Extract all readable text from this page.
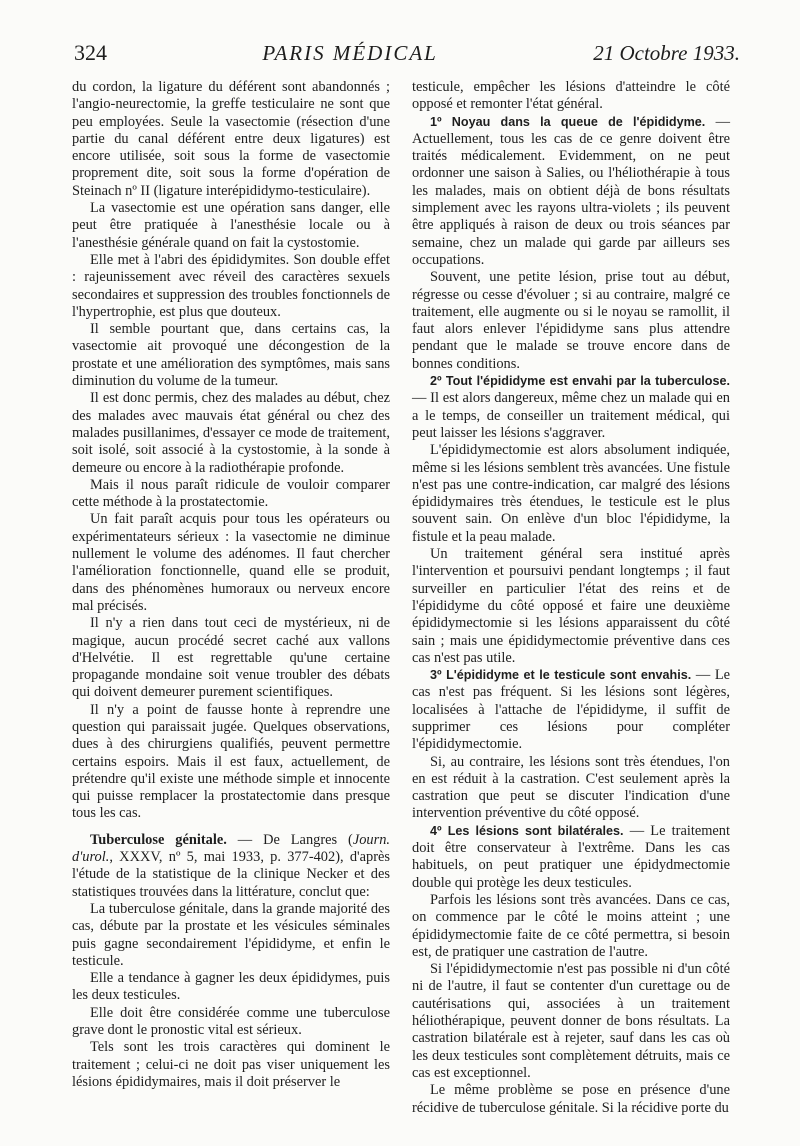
324	PARIS MÉDICAL	21 Octobre 1933.

du cordon, la ligature du déférent sont abandonnés ; l'angio-neurectomie, la greffe testiculaire ne sont que peu employées. Seule la vasectomie (résection d'une partie du canal déférent entre deux ligatures) est encore utilisée, soit sous la forme de vasectomie proprement dite, soit sous la forme d'opération de Steinach nº II (ligature interépididymo-testiculaire).

La vasectomie est une opération sans danger, elle peut être pratiquée à l'anesthésie locale ou à l'anesthésie générale quand on fait la cystostomie.

Elle met à l'abri des épididymites. Son double effet : rajeunissement avec réveil des caractères sexuels secondaires et suppression des troubles fonctionnels de l'hypertrophie, est plus que douteux.

Il semble pourtant que, dans certains cas, la vasectomie ait provoqué une décongestion de la prostate et une amélioration des symptômes, mais sans diminution du volume de la tumeur.

Il est donc permis, chez des malades au début, chez des malades avec mauvais état général ou chez des malades pusillanimes, d'essayer ce mode de traitement, soit isolé, soit associé à la cystostomie, à la sonde à demeure ou encore à la radiothérapie profonde.

Mais il nous paraît ridicule de vouloir comparer cette méthode à la prostatectomie.

Un fait paraît acquis pour tous les opérateurs ou expérimentateurs sérieux : la vasectomie ne diminue nullement le volume des adénomes. Il faut chercher l'amélioration fonctionnelle, quand elle se produit, dans des phénomènes humoraux ou nerveux encore mal précisés.

Il n'y a rien dans tout ceci de mystérieux, ni de magique, aucun procédé secret caché aux vallons d'Helvétie. Il est regrettable qu'une certaine propagande mondaine soit venue troubler des débats qui doivent demeurer purement scientifiques.

Il n'y a point de fausse honte à reprendre une question qui paraissait jugée. Quelques observations, dues à des chirurgiens qualifiés, peuvent permettre certains espoirs. Mais il est faux, actuellement, de prétendre qu'il existe une méthode simple et innocente qui puisse remplacer la prostatectomie dans presque tous les cas.

Tuberculose génitale. — De Langres (Journ. d'urol., XXXV, nº 5, mai 1933, p. 377-402), d'après l'étude de la statistique de la clinique Necker et des statistiques trouvées dans la littérature, conclut que:

La tuberculose génitale, dans la grande majorité des cas, débute par la prostate et les vésicules séminales puis gagne secondairement l'épididyme, et enfin le testicule.

Elle a tendance à gagner les deux épididymes, puis les deux testicules.

Elle doit être considérée comme une tuberculose grave dont le pronostic vital est sérieux.

Tels sont les trois caractères qui dominent le traitement ; celui-ci ne doit pas viser uniquement les lésions épididymaires, mais il doit préserver le

testicule, empêcher les lésions d'atteindre le côté opposé et remonter l'état général.

1º Noyau dans la queue de l'épididyme. — Actuellement, tous les cas de ce genre doivent être traités médicalement. Evidemment, on ne peut ordonner une saison à Salies, ou l'héliothérapie à tous les malades, mais on obtient déjà de bons résultats simplement avec les rayons ultra-violets ; ils peuvent être appliqués à raison de deux ou trois séances par semaine, chez un malade qui garde par ailleurs ses occupations.

Souvent, une petite lésion, prise tout au début, régresse ou cesse d'évoluer ; si au contraire, malgré ce traitement, elle augmente ou si le noyau se ramollit, il faut alors enlever l'épididyme sans plus attendre pendant que le malade se trouve encore dans de bonnes conditions.

2º Tout l'épididyme est envahi par la tuberculose. — Il est alors dangereux, même chez un malade qui en a le temps, de conseiller un traitement médical, qui peut laisser les lésions s'aggraver.

L'épididymectomie est alors absolument indiquée, même si les lésions semblent très avancées. Une fistule n'est pas une contre-indication, car malgré des lésions épididymaires très étendues, le testicule est le plus souvent sain. On enlève d'un bloc l'épididyme, la fistule et la peau malade.

Un traitement général sera institué après l'intervention et poursuivi pendant longtemps ; il faut surveiller en particulier l'état des reins et de l'épididyme du côté opposé et faire une deuxième épididymectomie si les lésions apparaissent du côté sain ; mais une épididymectomie préventive dans ces cas n'est pas utile.

3º L'épididyme et le testicule sont envahis. — Le cas n'est pas fréquent. Si les lésions sont légères, localisées à l'attache de l'épididyme, il suffit de supprimer ces lésions pour compléter l'épididymectomie.

Si, au contraire, les lésions sont très étendues, l'on en est réduit à la castration. C'est seulement après la castration que peut se discuter l'indication d'une intervention préventive du côté opposé.

4º Les lésions sont bilatérales. — Le traitement doit être conservateur à l'extrême. Dans les cas habituels, on peut pratiquer une épidydmectomie double qui protège les deux testicules.

Parfois les lésions sont très avancées. Dans ce cas, on commence par le côté le moins atteint ; une épididymectomie faite de ce côté permettra, si besoin est, de pratiquer une castration de l'autre.

Si l'épididymectomie n'est pas possible ni d'un côté ni de l'autre, il faut se contenter d'un curettage ou de cautérisations qui, associées à un traitement héliothérapique, peuvent donner de bons résultats. La castration bilatérale est à rejeter, sauf dans les cas où les deux testicules sont complètement détruits, mais ce cas est exceptionnel.

Le même problème se pose en présence d'une récidive de tuberculose génitale. Si la récidive porte du
